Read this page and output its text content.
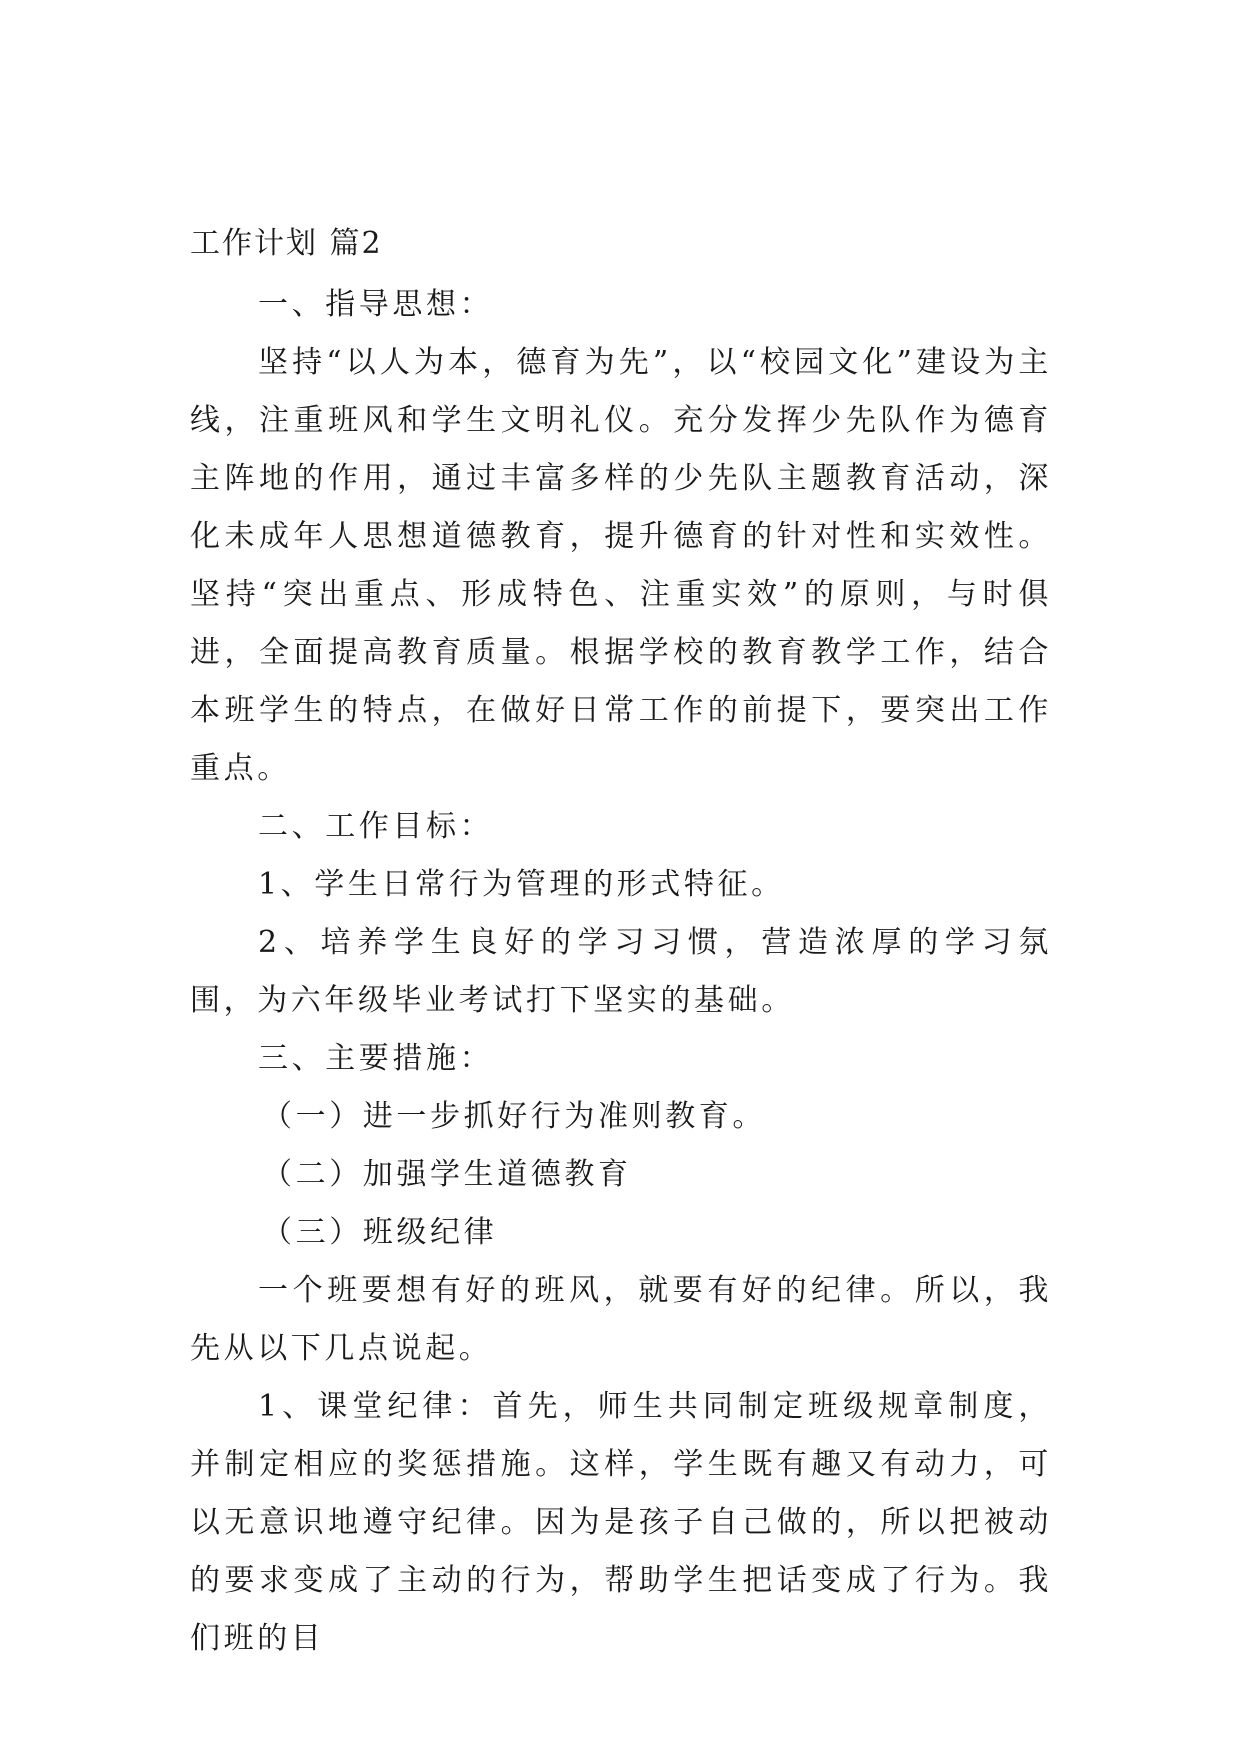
工作计划 篇2

一、指导思想：

坚持“以人为本，德育为先”，以“校园文化”建设为主线，注重班风和学生文明礼仪。充分发挥少先队作为德育主阵地的作用，通过丰富多样的少先队主题教育活动，深化未成年人思想道德教育，提升德育的针对性和实效性。坚持“突出重点、形成特色、注重实效”的原则，与时俱进，全面提高教育质量。根据学校的教育教学工作，结合本班学生的特点，在做好日常工作的前提下，要突出工作重点。

二、工作目标：

1、学生日常行为管理的形式特征。

2、培养学生良好的学习习惯，营造浓厚的学习氛围，为六年级毕业考试打下坚实的基础。

三、主要措施：

（一）进一步抓好行为准则教育。

（二）加强学生道德教育

（三）班级纪律

一个班要想有好的班风，就要有好的纪律。所以，我先从以下几点说起。

1、课堂纪律：首先，师生共同制定班级规章制度，并制定相应的奖惩措施。这样，学生既有趣又有动力，可以无意识地遵守纪律。因为是孩子自己做的，所以把被动的要求变成了主动的行为，帮助学生把话变成了行为。我们班的目
